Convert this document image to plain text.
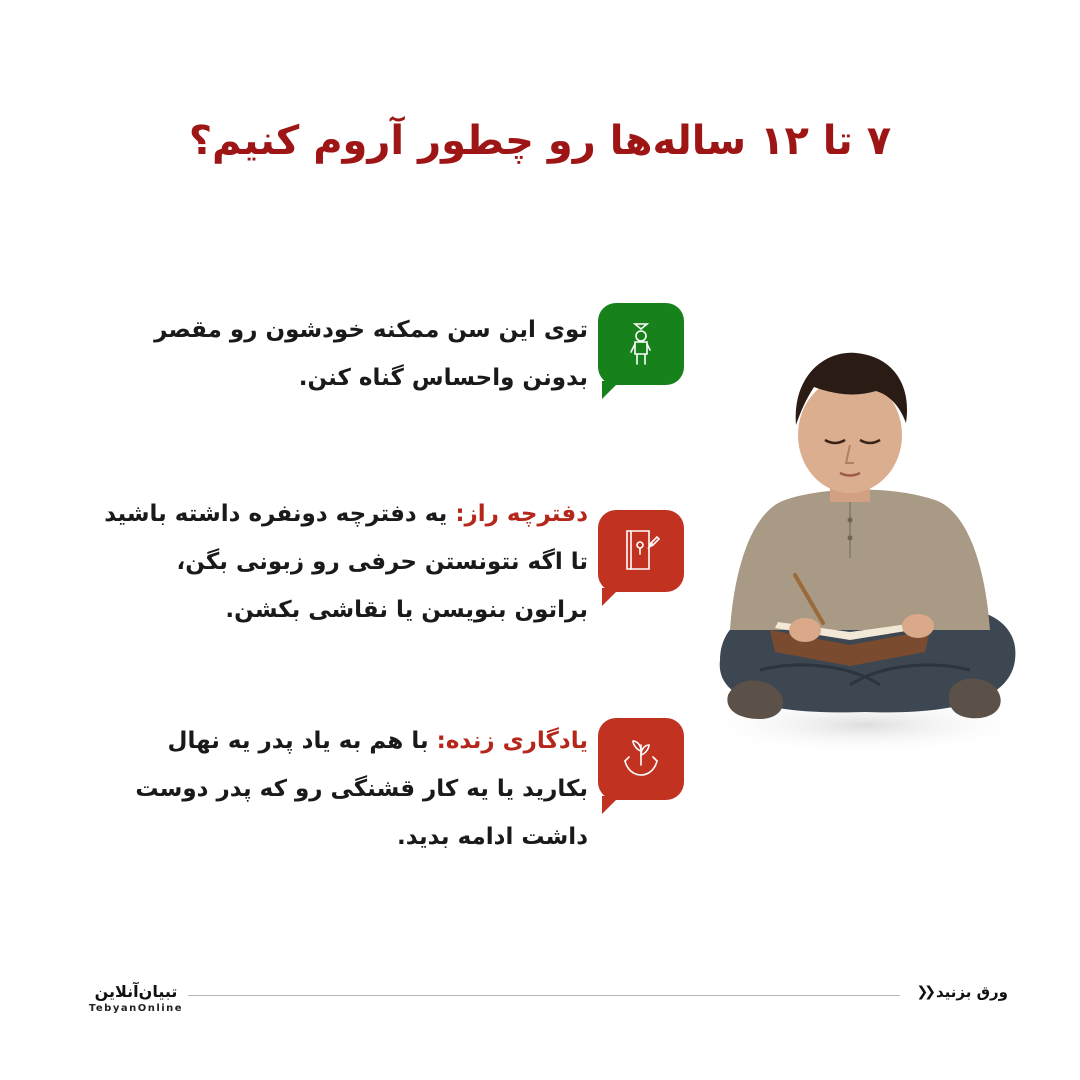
۷ تا ۱۲ ساله‌ها رو چطور آروم کنیم؟
توی این سن ممکنه خودشون رو مقصر بدونن واحساس گناه کنن.
دفترچه راز: یه دفترچه دونفره داشته باشید تا اگه نتونستن حرفی رو زبونی بگن، براتون بنویسن یا نقاشی بکشن.
یادگاری زنده: با هم به یاد پدر یه نهال بکارید یا یه کار قشنگی رو که پدر دوست داشت ادامه بدید.
تبیان‌آنلاین
TebyanOnline
ورق بزنید
❮❮
